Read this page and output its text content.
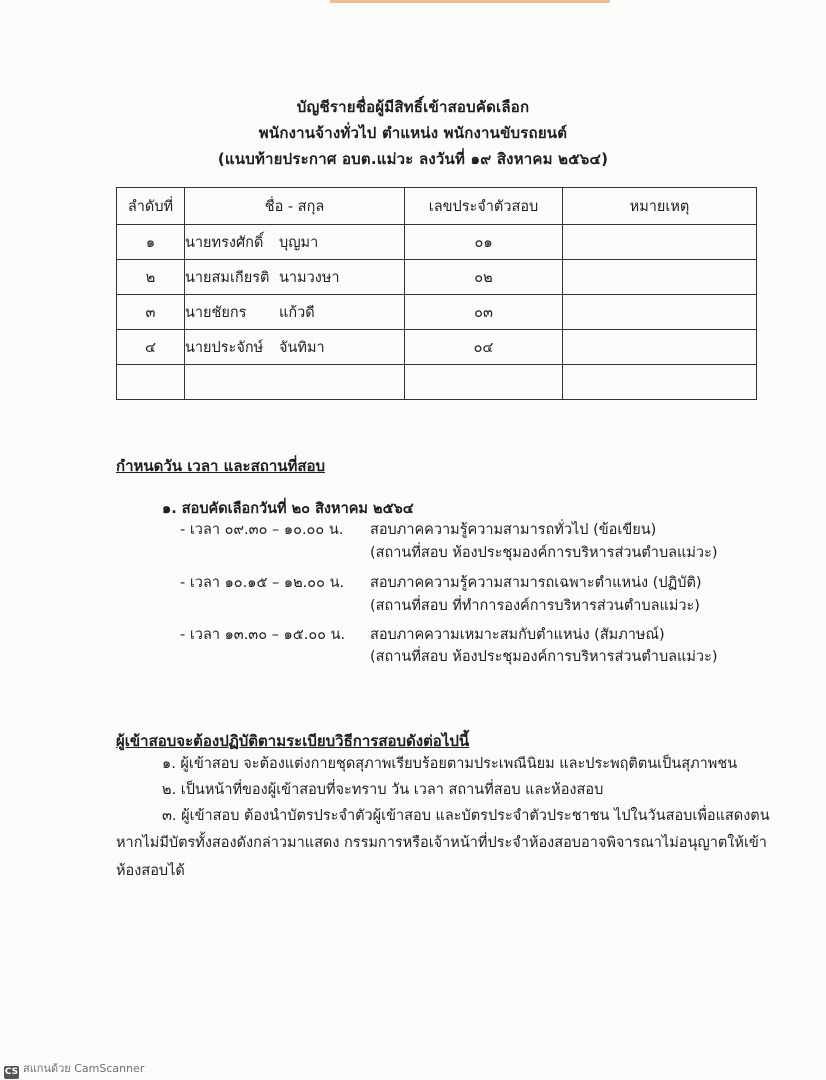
บัญชีรายชื่อผู้มีสิทธิ์เข้าสอบคัดเลือก
พนักงานจ้างทั่วไป ตำแหน่ง พนักงานขับรถยนต์
(แนบท้ายประกาศ อบต.แม่วะ ลงวันที่ ๑๙ สิงหาคม ๒๕๖๔)
ลำดับที่	ชื่อ - สกุล	เลขประจำตัวสอบ	หมายเหตุ
๑	นายทรงศักดิ์ บุญมา	๐๑	
๒	นายสมเกียรติ นามวงษา	๐๒	
๓	นายชัยกร แก้วดี	๐๓	
๔	นายประจักษ์ จันทิมา	๐๔	

กำหนดวัน เวลา และสถานที่สอบ
๑. สอบคัดเลือกวันที่ ๒๐ สิงหาคม ๒๕๖๔
- เวลา ๐๙.๓๐ – ๑๐.๐๐ น. สอบภาคความรู้ความสามารถทั่วไป (ข้อเขียน)
(สถานที่สอบ ห้องประชุมองค์การบริหารส่วนตำบลแม่วะ)
- เวลา ๑๐.๑๕ – ๑๒.๐๐ น. สอบภาคความรู้ความสามารถเฉพาะตำแหน่ง (ปฏิบัติ)
(สถานที่สอบ ที่ทำการองค์การบริหารส่วนตำบลแม่วะ)
- เวลา ๑๓.๓๐ – ๑๕.๐๐ น. สอบภาคความเหมาะสมกับตำแหน่ง (สัมภาษณ์)
(สถานที่สอบ ห้องประชุมองค์การบริหารส่วนตำบลแม่วะ)
ผู้เข้าสอบจะต้องปฏิบัติตามระเบียบวิธีการสอบดังต่อไปนี้
๑. ผู้เข้าสอบ จะต้องแต่งกายชุดสุภาพเรียบร้อยตามประเพณีนิยม และประพฤติตนเป็นสุภาพชน
๒. เป็นหน้าที่ของผู้เข้าสอบที่จะทราบ วัน เวลา สถานที่สอบ และห้องสอบ
๓. ผู้เข้าสอบ ต้องนำบัตรประจำตัวผู้เข้าสอบ และบัตรประจำตัวประชาชน ไปในวันสอบเพื่อแสดงตน
หากไม่มีบัตรทั้งสองดังกล่าวมาแสดง กรรมการหรือเจ้าหน้าที่ประจำห้องสอบอาจพิจารณาไม่อนุญาตให้เข้า
ห้องสอบได้
CS สแกนด้วย CamScanner
